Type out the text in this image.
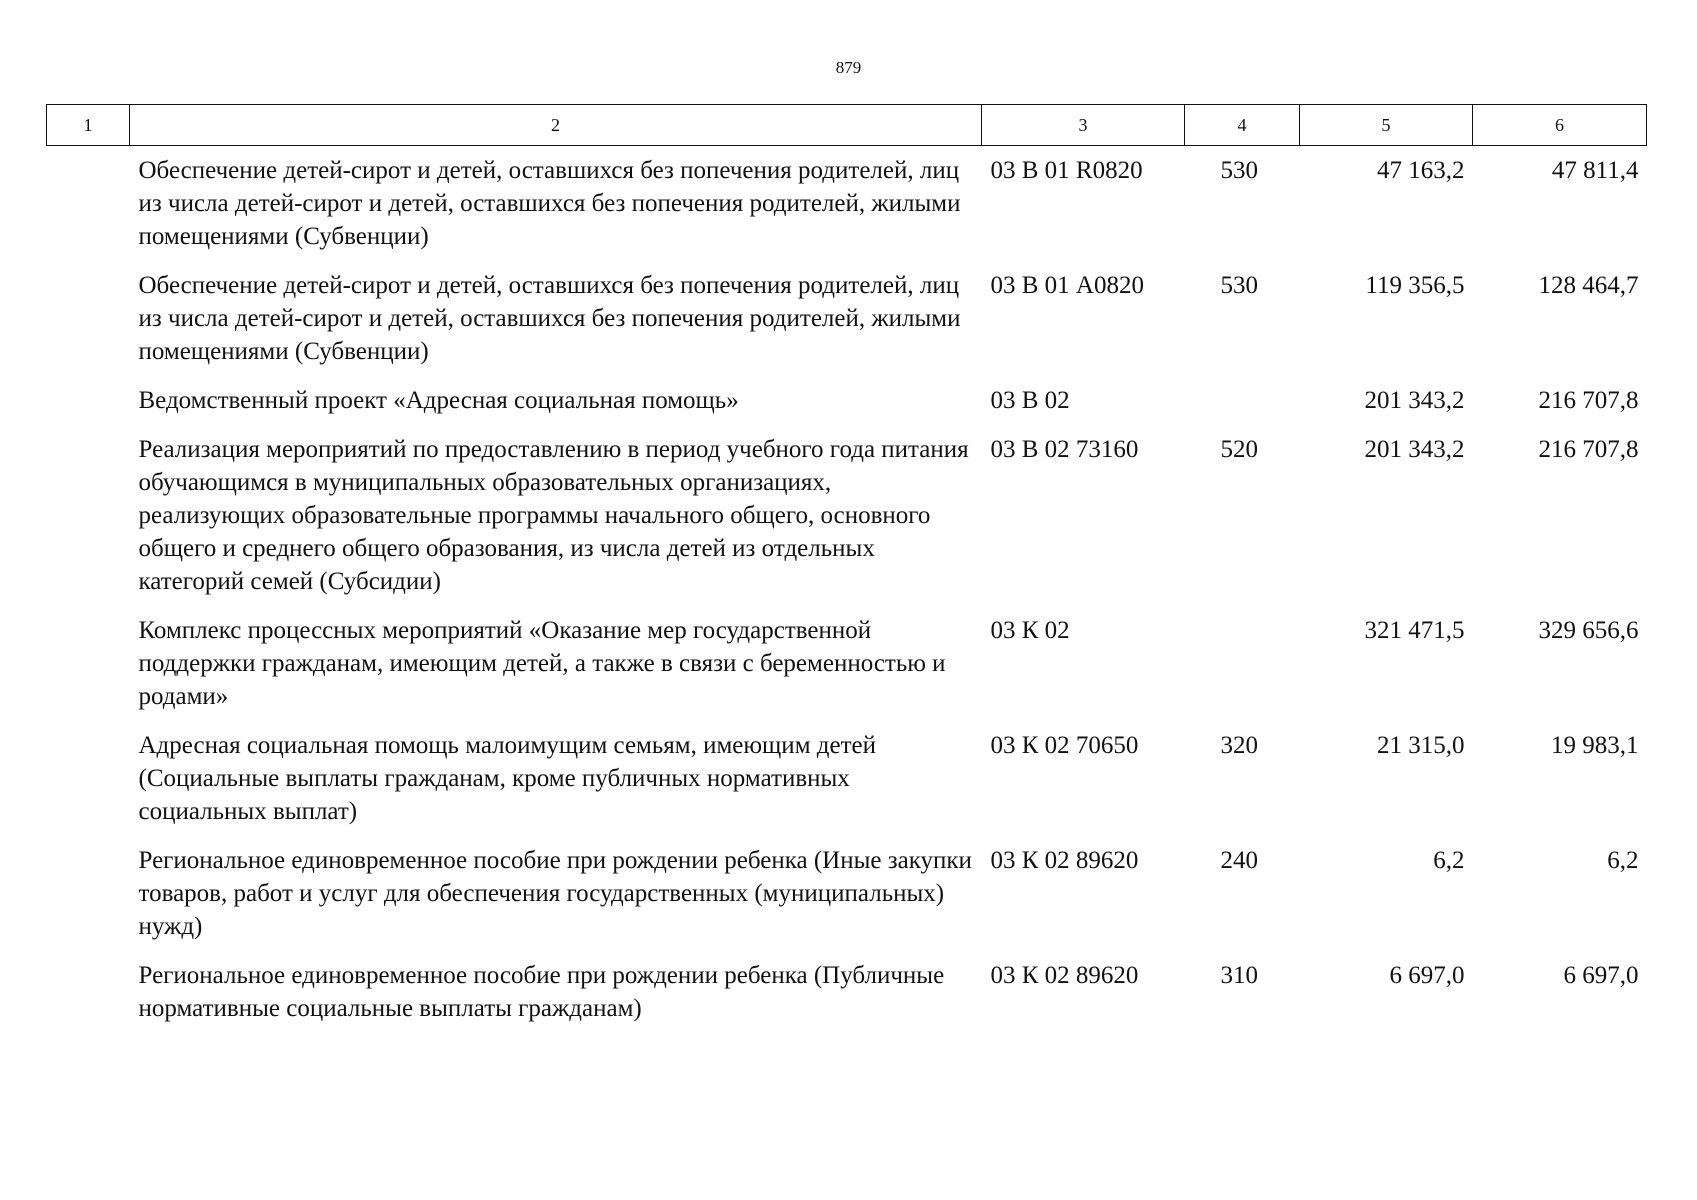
879
1	2	3	4	5	6
	Обеспечение детей-сирот и детей, оставшихся без попечения родителей, лиц из числа детей-сирот и детей, оставшихся без попечения родителей, жилыми помещениями (Субвенции)	03 В 01 R0820	530	47 163,2	47 811,4
	Обеспечение детей-сирот и детей, оставшихся без попечения родителей, лиц из числа детей-сирот и детей, оставшихся без попечения родителей, жилыми помещениями (Субвенции)	03 В 01 А0820	530	119 356,5	128 464,7
	Ведомственный проект «Адресная социальная помощь»	03 В 02		201 343,2	216 707,8
	Реализация мероприятий по предоставлению в период учебного года питания обучающимся в муниципальных образовательных организациях, реализующих образовательные программы начального общего, основного общего и среднего общего образования, из числа детей из отдельных категорий семей (Субсидии)	03 В 02 73160	520	201 343,2	216 707,8
	Комплекс процессных мероприятий «Оказание мер государственной поддержки гражданам, имеющим детей, а также в связи с беременностью и родами»	03 К 02		321 471,5	329 656,6
	Адресная социальная помощь малоимущим семьям, имеющим детей (Социальные выплаты гражданам, кроме публичных нормативных социальных выплат)	03 К 02 70650	320	21 315,0	19 983,1
	Региональное единовременное пособие при рождении ребенка (Иные закупки товаров, работ и услуг для обеспечения государственных (муниципальных) нужд)	03 К 02 89620	240	6,2	6,2
	Региональное единовременное пособие при рождении ребенка (Публичные нормативные социальные выплаты гражданам)	03 К 02 89620	310	6 697,0	6 697,0
